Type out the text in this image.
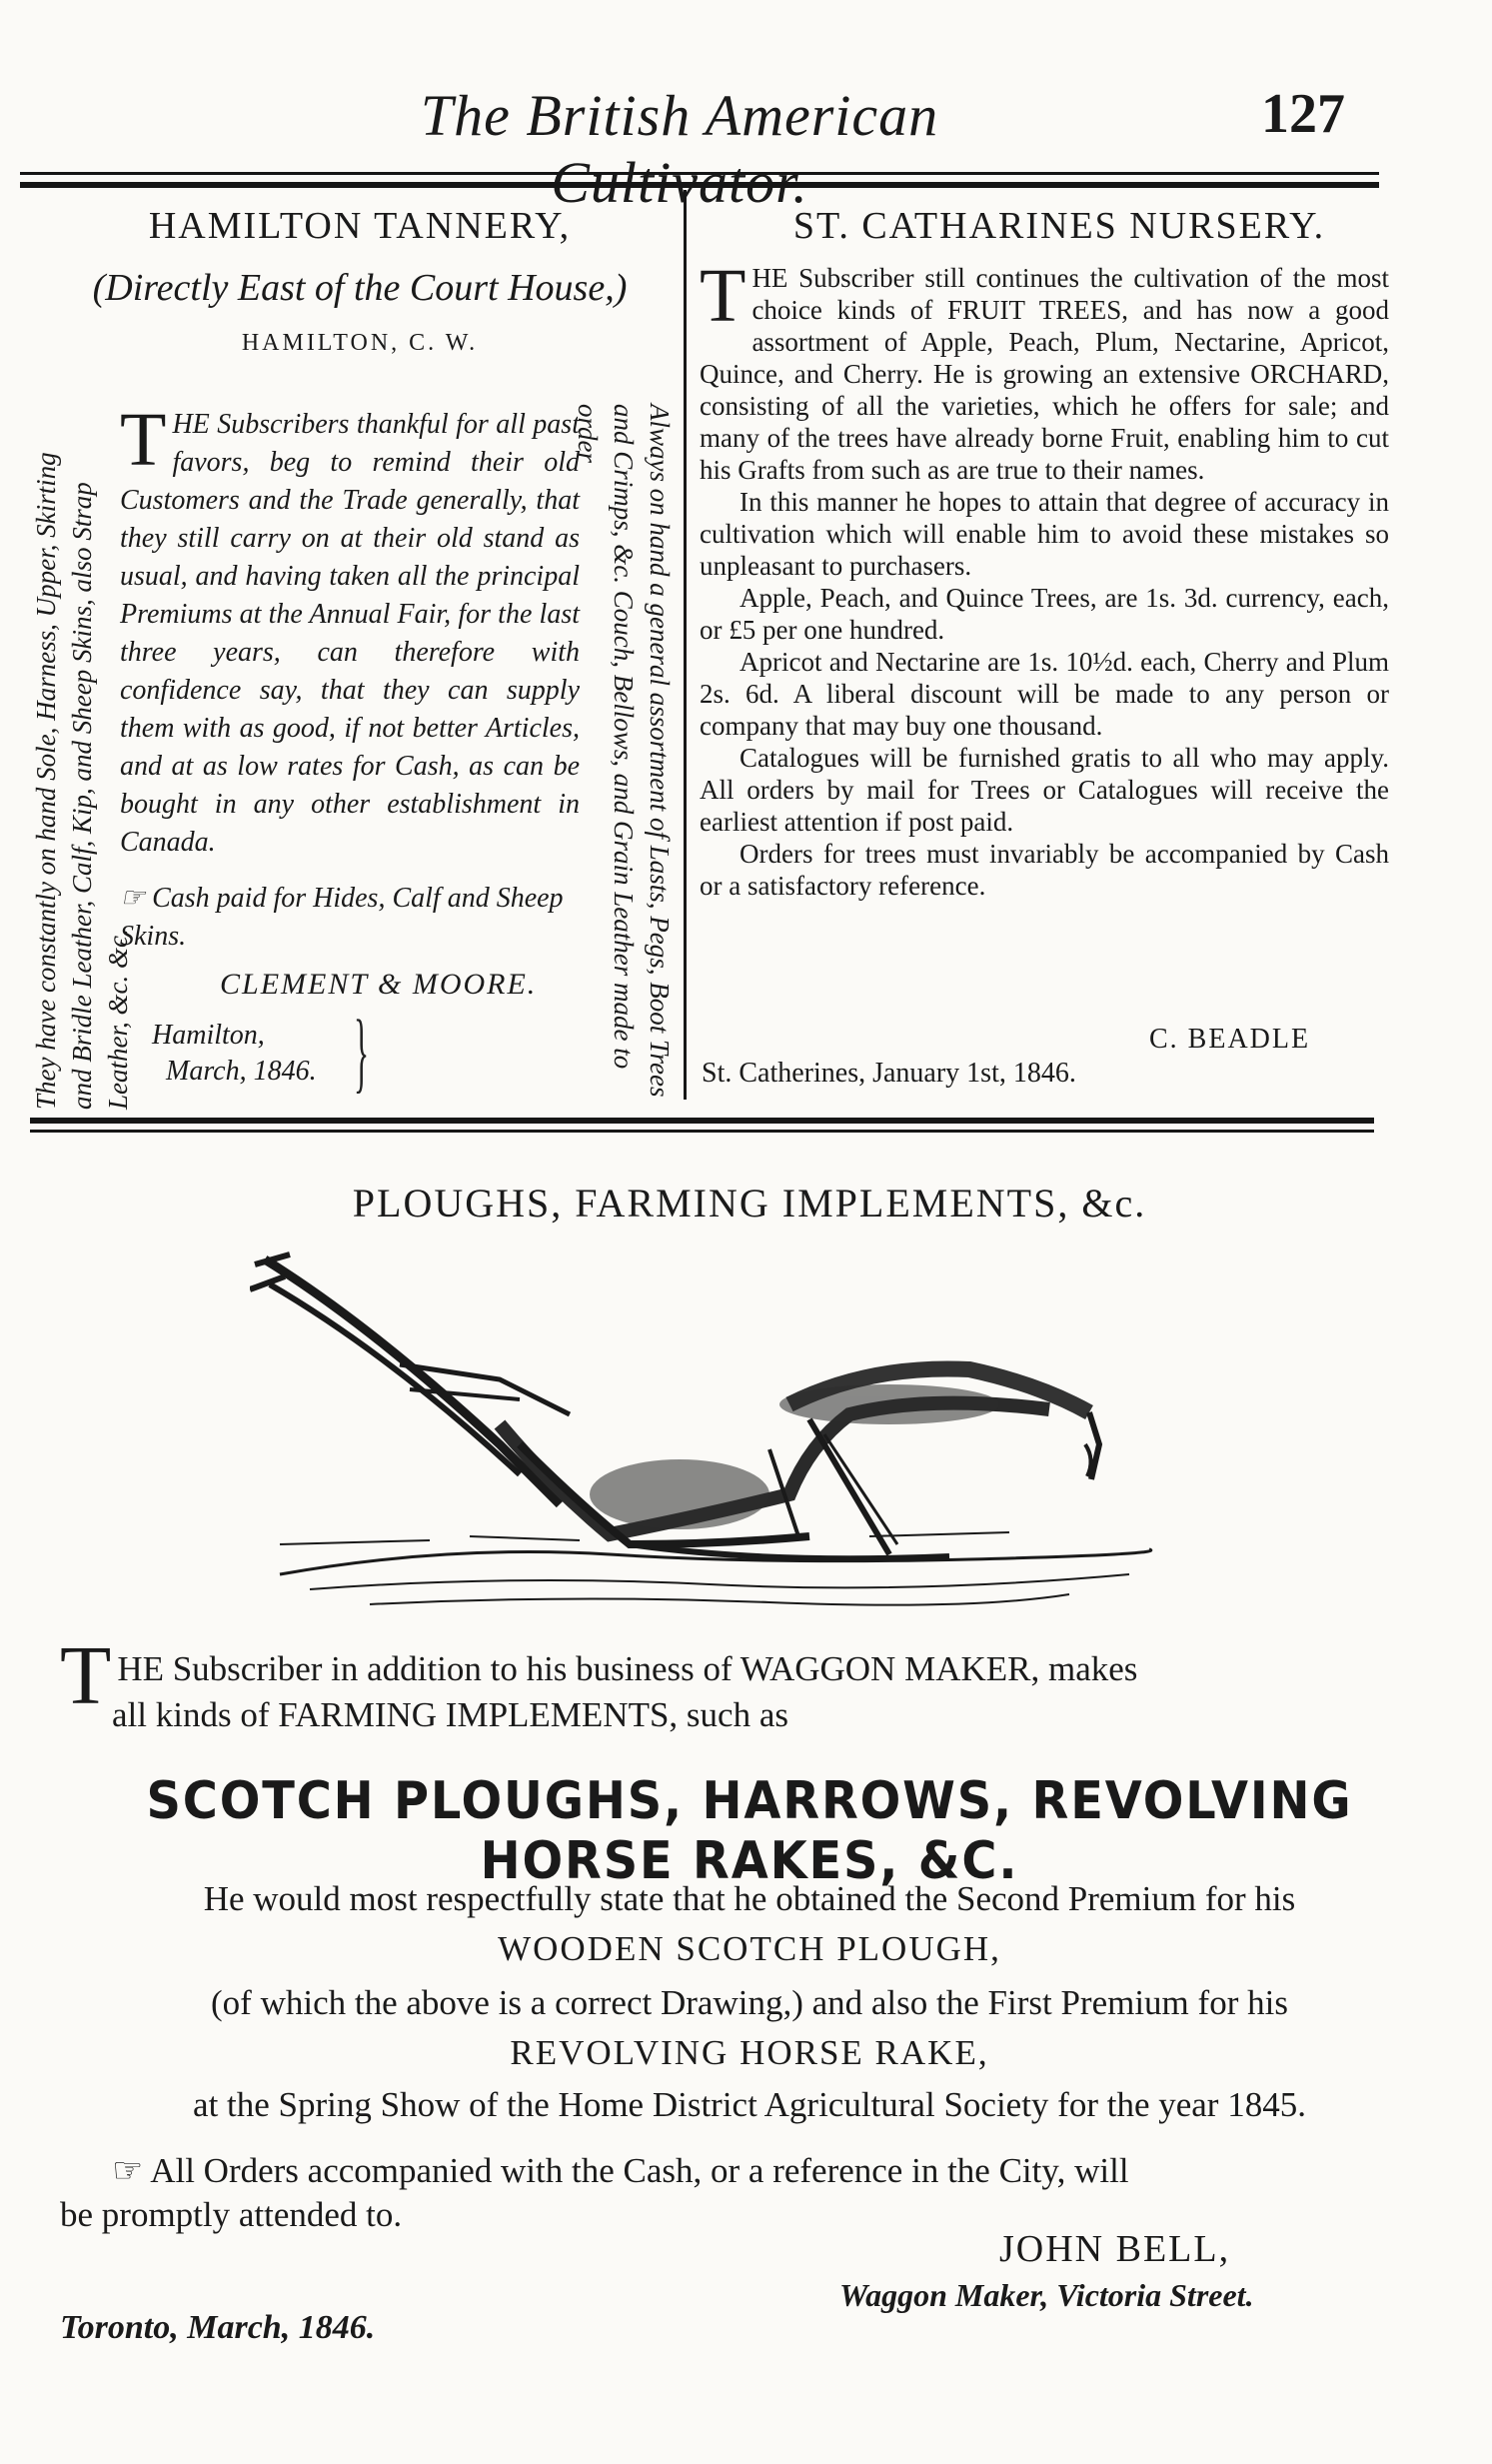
The British American	127
HAMILTON TANNERY,
(Directly East of the Court House,)
HAMILTON, C. W.
They have constantly on hand Sole, Harness, Upper, Skirting and Bridle Leather, Calf, Kip, and Sheep Skins, also Strap Leather, &c. &c.	Always on hand a general assortment of Lasts, Pegs, Boot Trees and Crimps, &c. Couch, Bellows, and Grain Leather made to order
T HE Subscribers thankful for all past favors, beg to remind their old Customers and the Trade generally, that they still carry on at their old stand as usual, and having taken all the principal Premiums at the Annual Fair, for the last three years, can therefore with confidence say, that they can supply them with as good, if not better Articles, and at as low rates for Cash, as can be bought in any other establishment in Canada.
☞ Cash paid for Hides, Calf and Sheep Skins.
CLEMENT & MOORE.
Hamilton,
March, 1846. }
ST. CATHARINES NURSERY.

THE Subscriber still continues the cultivation of the most choice kinds of FRUIT TREES, and has now a good assortment of Apple, Peach, Plum, Nectarine, Apricot, Quince, and Cherry. He is growing an extensive ORCHARD, consisting of all the varieties, which he offers for sale; and many of the trees have already borne Fruit, enabling him to cut his Grafts from such as are true to their names.

In this manner he hopes to attain that degree of accuracy in cultivation which will enable him to avoid these mistakes so unpleasant to purchasers.

Apple, Peach, and Quince Trees, are 1s. 3d. currency, each, or £5 per one hundred.

Apricot and Nectarine are 1s. 10½d. each, Cherry and Plum 2s. 6d. A liberal discount will be made to any person or company that may buy one thousand.

Catalogues will be furnished gratis to all who may apply. All orders by mail for Trees or Catalogues will receive the earliest attention if post paid.

Orders for trees must invariably be accompanied by Cash or a satisfactory reference.

C. BEADLE
St. Catherines, January 1st, 1846.
PLOUGHS, FARMING IMPLEMENTS, &c.
T HE Subscriber in addition to his business of WAGGON MAKER, makes
all kinds of FARMING IMPLEMENTS, such as
SCOTCH PLOUGHS, HARROWS, REVOLVING HORSE RAKES, &C.
He would most respectfully state that he obtained the Second Premium for his
WOODEN SCOTCH PLOUGH,
(of which the above is a correct Drawing,) and also the First Premium for his
REVOLVING HORSE RAKE,
at the Spring Show of the Home District Agricultural Society for the year 1845.
☞ All Orders accompanied with the Cash, or a reference in the City, will
be promptly attended to.
JOHN BELL,
Waggon Maker, Victoria Street.
Toronto, March, 1846.
